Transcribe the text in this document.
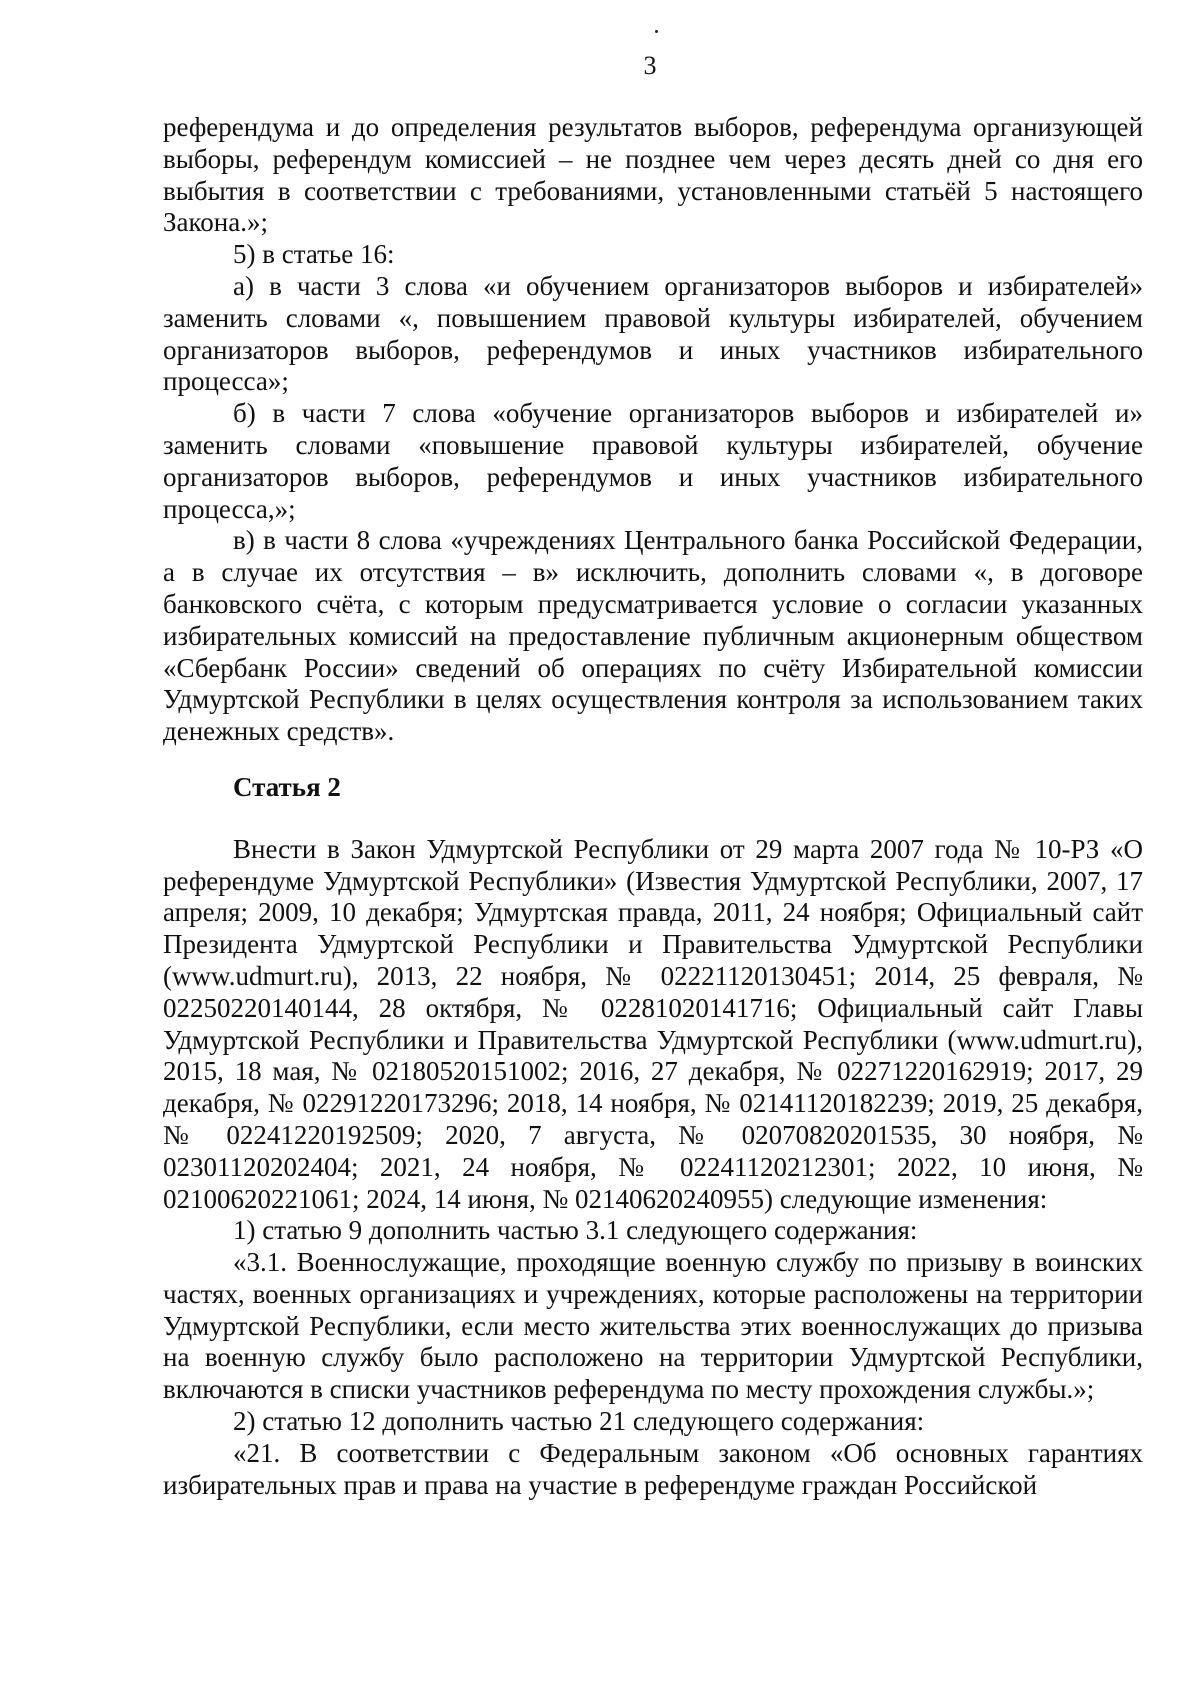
3

референдума и до определения результатов выборов, референдума организующей выборы, референдум комиссией – не позднее чем через десять дней со дня его выбытия в соответствии с требованиями, установленными статьёй 5 настоящего Закона.»;

5) в статье 16:

а) в части 3 слова «и обучением организаторов выборов и избирателей» заменить словами «, повышением правовой культуры избирателей, обучением организаторов выборов, референдумов и иных участников избирательного процесса»;

б) в части 7 слова «обучение организаторов выборов и избирателей и» заменить словами «повышение правовой культуры избирателей, обучение организаторов выборов, референдумов и иных участников избирательного процесса,»;

в) в части 8 слова «учреждениях Центрального банка Российской Федерации, а в случае их отсутствия – в» исключить, дополнить словами «, в договоре банковского счёта, с которым предусматривается условие о согласии указанных избирательных комиссий на предоставление публичным акционерным обществом «Сбербанк России» сведений об операциях по счёту Избирательной комиссии Удмуртской Республики в целях осуществления контроля за использованием таких денежных средств».

Статья 2

Внести в Закон Удмуртской Республики от 29 марта 2007 года № 10-РЗ «О референдуме Удмуртской Республики» (Известия Удмуртской Республики, 2007, 17 апреля; 2009, 10 декабря; Удмуртская правда, 2011, 24 ноября; Официальный сайт Президента Удмуртской Республики и Правительства Удмуртской Республики (www.udmurt.ru), 2013, 22 ноября, № 02221120130451; 2014, 25 февраля, № 02250220140144, 28 октября, № 02281020141716; Официальный сайт Главы Удмуртской Республики и Правительства Удмуртской Республики (www.udmurt.ru), 2015, 18 мая, № 02180520151002; 2016, 27 декабря, № 02271220162919; 2017, 29 декабря, № 02291220173296; 2018, 14 ноября, № 02141120182239; 2019, 25 декабря, № 02241220192509; 2020, 7 августа, № 02070820201535, 30 ноября, № 02301120202404; 2021, 24 ноября, № 02241120212301; 2022, 10 июня, № 02100620221061; 2024, 14 июня, № 02140620240955) следующие изменения:

1) статью 9 дополнить частью 3.1 следующего содержания:

«3.1. Военнослужащие, проходящие военную службу по призыву в воинских частях, военных организациях и учреждениях, которые расположены на территории Удмуртской Республики, если место жительства этих военнослужащих до призыва на военную службу было расположено на территории Удмуртской Республики, включаются в списки участников референдума по месту прохождения службы.»;

2) статью 12 дополнить частью 21 следующего содержания:

«21. В соответствии с Федеральным законом «Об основных гарантиях избирательных прав и права на участие в референдуме граждан Российской
